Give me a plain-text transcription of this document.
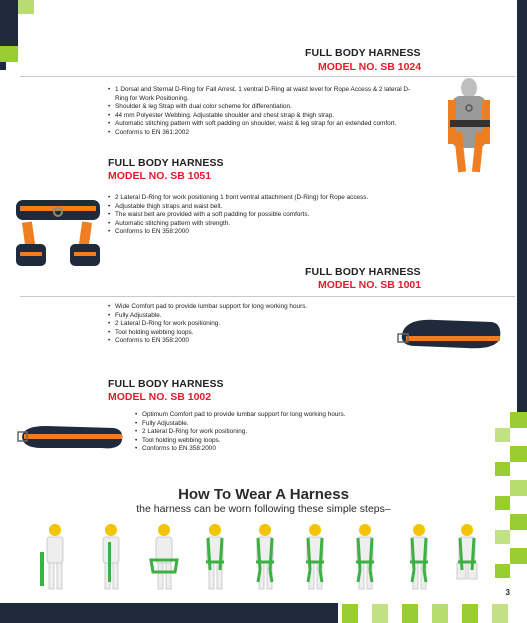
FULL BODY HARNESS
MODEL NO. SB 1024
• 1 Dorsal and Sternal D-Ring for Fall Arrest. 1 ventral D-Ring at waist level for Rope Access & 2 lateral D-Ring for Work Positioning.
• Shoulder & leg Strap with dual color scheme for differentiation.
• 44 mm Polyester Webbing. Adjustable shoulder and chest strap & thigh strap.
• Automatic stitching pattern with soft padding on shoulder, waist & leg strap for an extended comfort.
• Conforms to EN 361:2002
FULL BODY HARNESS
MODEL NO. SB 1051
• 2 Lateral D-Ring for work positioning 1 front ventral attachment (D-Ring) for Rope access.
• Adjustable thigh straps and waist belt.
• The waist belt are provided with a soft padding for possible comforts.
• Automatic stitching pattern with strength.
• Conforms to EN 358:2000
FULL BODY HARNESS
MODEL NO. SB 1001
• Wide Comfort pad to provide lumbar support for long working hours.
• Fully Adjustable.
• 2 Lateral D-Ring for work positioning.
• Tool holding webbing loops.
• Conforms to EN 358:2000
FULL BODY HARNESS
MODEL NO. SB 1002
• Optimum Comfort pad to provide lumbar support for long working hours.
• Fully Adjustable.
• 2 Lateral D-Ring for work positioning.
• Tool holding webbing loops.
• Conforms to EN 358:2000
How To Wear A Harness
the harness can be worn following these simple steps–
3
